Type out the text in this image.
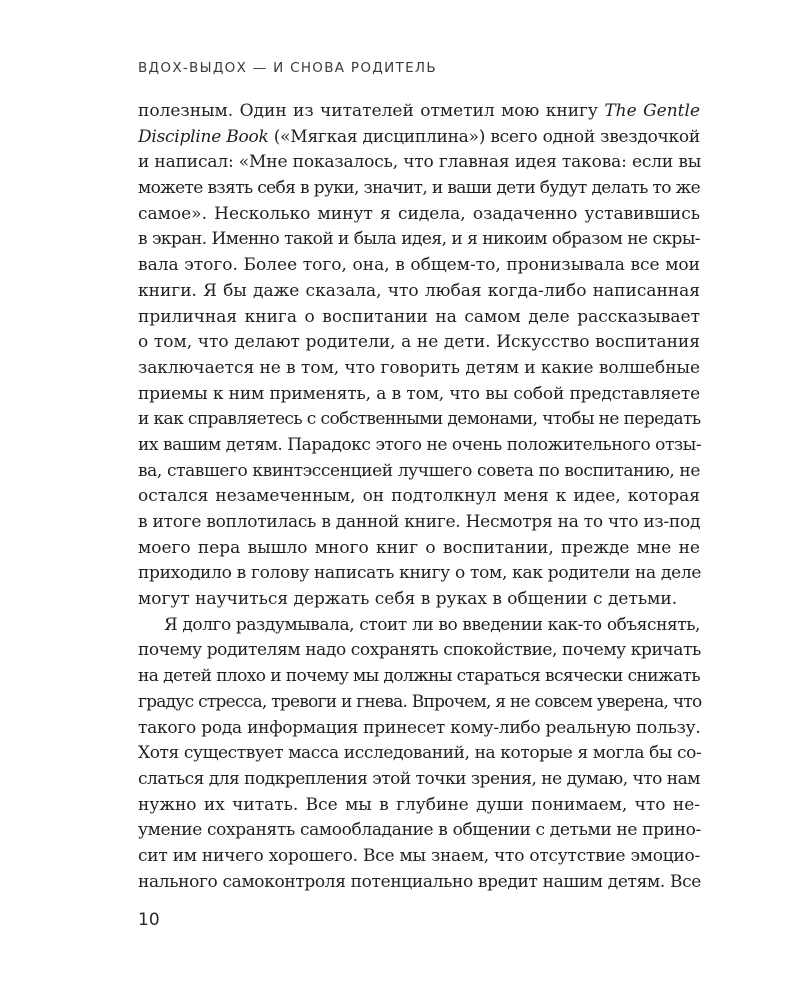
ВДОХ-ВЫДОХ — И СНОВА РОДИТЕЛЬ
полезным. Один из читателей отметил мою книгу The Gentle
Discipline Book («Мягкая дисциплина») всего одной звездочкой
и написал: «Мне показалось, что главная идея такова: если вы
можете взять себя в руки, значит, и ваши дети будут делать то же
самое». Несколько минут я сидела, озадаченно уставившись
в экран. Именно такой и была идея, и я никоим образом не скры-
вала этого. Более того, она, в общем-то, пронизывала все мои
книги. Я бы даже сказала, что любая когда-либо написанная
приличная книга о воспитании на самом деле рассказывает
о том, что делают родители, а не дети. Искусство воспитания
заключается не в том, что говорить детям и какие волшебные
приемы к ним применять, а в том, что вы собой представляете
и как справляетесь с собственными демонами, чтобы не передать
их вашим детям. Парадокс этого не очень положительного отзы-
ва, ставшего квинтэссенцией лучшего совета по воспитанию, не
остался незамеченным, он подтолкнул меня к идее, которая
в итоге воплотилась в данной книге. Несмотря на то что из-под
моего пера вышло много книг о воспитании, прежде мне не
приходило в голову написать книгу о том, как родители на деле
могут научиться держать себя в руках в общении с детьми.
Я долго раздумывала, стоит ли во введении как-то объяснять,
почему родителям надо сохранять спокойствие, почему кричать
на детей плохо и почему мы должны стараться всячески снижать
градус стресса, тревоги и гнева. Впрочем, я не совсем уверена, что
такого рода информация принесет кому-либо реальную пользу.
Хотя существует масса исследований, на которые я могла бы со-
слаться для подкрепления этой точки зрения, не думаю, что нам
нужно их читать. Все мы в глубине души понимаем, что не-
умение сохранять самообладание в общении с детьми не прино-
сит им ничего хорошего. Все мы знаем, что отсутствие эмоцио-
нального самоконтроля потенциально вредит нашим детям. Все
10
